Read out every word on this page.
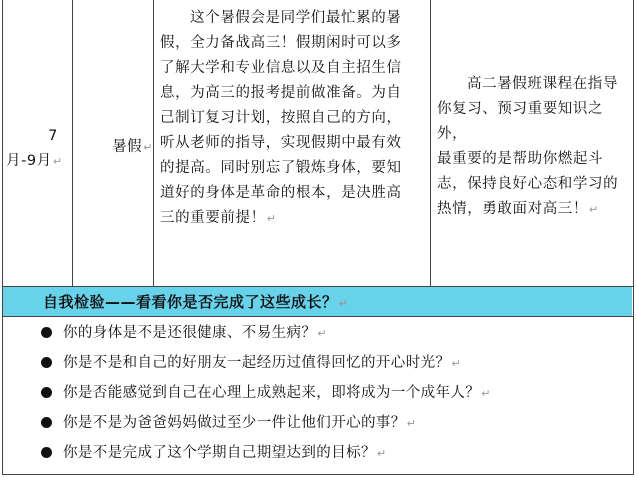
7
月-9月↵
暑假↵
这个暑假会是同学们最忙累的暑
假，全力备战高三！假期闲时可以多
了解大学和专业信息以及自主招生信
息，为高三的报考提前做准备。为自
己制订复习计划，按照自己的方向，
听从老师的指导，实现假期中最有效
的提高。同时别忘了锻炼身体，要知
道好的身体是革命的根本，是决胜高
三的重要前提！↵
高二暑假班课程在指导
你复习、预习重要知识之外，
最重要的是帮助你燃起斗
志，保持良好心态和学习的
热情，勇敢面对高三！↵
自我检验——看看你是否完成了这些成长？↵
你的身体是不是还很健康、不易生病？↵
你是不是和自己的好朋友一起经历过值得回忆的开心时光？↵
你是否能感觉到自己在心理上成熟起来，即将成为一个成年人？↵
你是不是为爸爸妈妈做过至少一件让他们开心的事？↵
你是不是完成了这个学期自己期望达到的目标？↵
